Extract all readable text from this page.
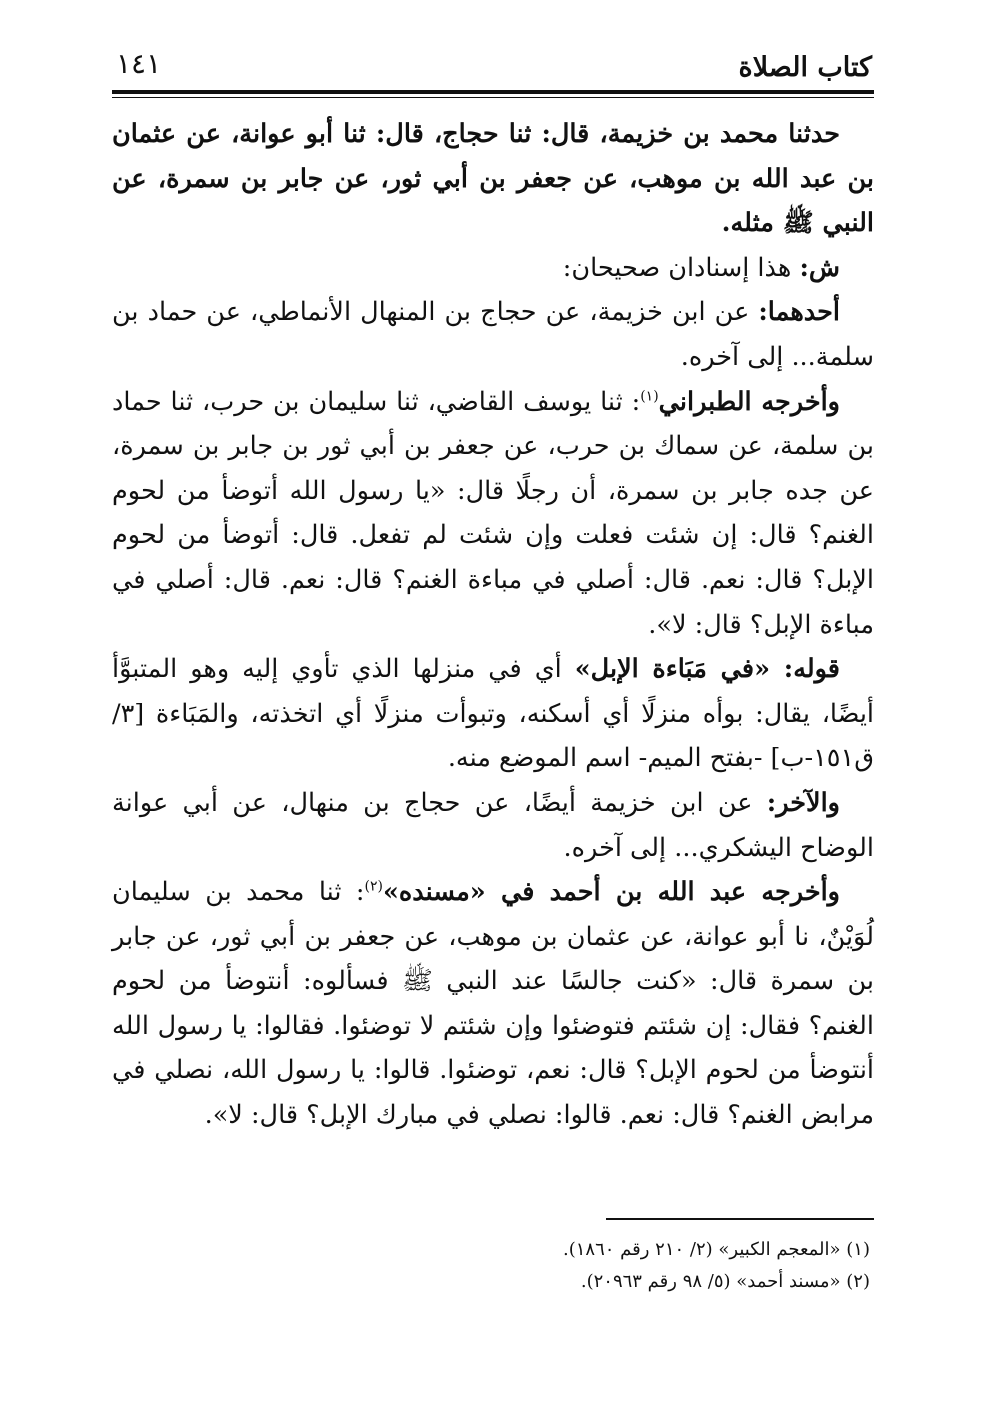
كتاب الصلاة
١٤١

حدثنا محمد بن خزيمة، قال: ثنا حجاج، قال: ثنا أبو عوانة، عن عثمان بن عبد الله بن موهب، عن جعفر بن أبي ثور، عن جابر بن سمرة، عن النبي ﷺ مثله.

ش: هذا إسنادان صحيحان:

أحدهما: عن ابن خزيمة، عن حجاج بن المنهال الأنماطي، عن حماد بن سلمة... إلى آخره.

وأخرجه الطبراني$^{(١)}$: ثنا يوسف القاضي، ثنا سليمان بن حرب، ثنا حماد بن سلمة، عن سماك بن حرب، عن جعفر بن أبي ثور بن جابر بن سمرة، عن جده جابر بن سمرة، أن رجلًا قال: «يا رسول الله أتوضأ من لحوم الغنم؟ قال: إن شئت فعلت وإن شئت لم تفعل. قال: أتوضأ من لحوم الإبل؟ قال: نعم. قال: أصلي في مباءة الغنم؟ قال: نعم. قال: أصلي في مباءة الإبل؟ قال: لا».

قوله: «في مَبَاءة الإبل» أي في منزلها الذي تأوي إليه وهو المتبوَّأ أيضًا، يقال: بوأه منزلًا أي أسكنه، وتبوأت منزلًا أي اتخذته، والمَبَاءة [٣/ ق١٥١-ب] -بفتح الميم- اسم الموضع منه.

والآخر: عن ابن خزيمة أيضًا، عن حجاج بن منهال، عن أبي عوانة الوضاح اليشكري... إلى آخره.

وأخرجه عبد الله بن أحمد في «مسنده»$^{(٢)}$: ثنا محمد بن سليمان لُوَيْنٌ، نا أبو عوانة، عن عثمان بن موهب، عن جعفر بن أبي ثور، عن جابر بن سمرة قال: «كنت جالسًا عند النبي ﷺ فسألوه: أنتوضأ من لحوم الغنم؟ فقال: إن شئتم فتوضئوا وإن شئتم لا توضئوا. فقالوا: يا رسول الله أنتوضأ من لحوم الإبل؟ قال: نعم، توضئوا. قالوا: يا رسول الله، نصلي في مرابض الغنم؟ قال: نعم. قالوا: نصلي في مبارك الإبل؟ قال: لا».

(١) «المعجم الكبير» (٢/ ٢١٠ رقم ١٨٦٠).

(٢) «مسند أحمد» (٥/ ٩٨ رقم ٢٠٩٦٣).
